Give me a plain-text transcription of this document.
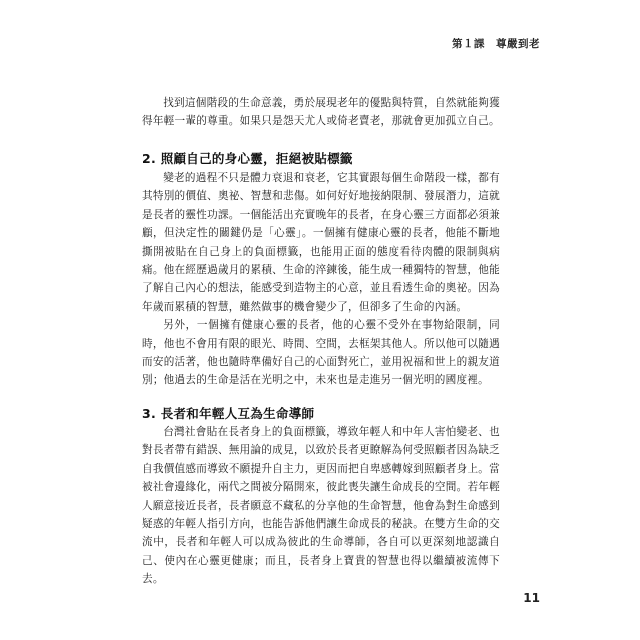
第１課　尊嚴到老

找到這個階段的生命意義，勇於展現老年的優點與特質，自然就能夠獲得年輕一輩的尊重。如果只是怨天尤人或倚老賣老，那就會更加孤立自己。

2. 照顧自己的身心靈，拒絕被貼標籤

變老的過程不只是體力衰退和衰老，它其實跟每個生命階段一樣，都有其特別的價值、奧祕、智慧和悲傷。如何好好地接納限制、發展潛力，這就是長者的靈性功課。一個能活出充實晚年的長者，在身心靈三方面都必須兼顧，但決定性的關鍵仍是「心靈」。一個擁有健康心靈的長者，他能不斷地撕開被貼在自己身上的負面標籤，也能用正面的態度看待肉體的限制與病痛。他在經歷過歲月的累積、生命的淬鍊後，能生成一種獨特的智慧，他能了解自己內心的想法，能感受到造物主的心意，並且看透生命的奧祕。因為年歲而累積的智慧，雖然做事的機會變少了，但卻多了生命的內涵。

另外，一個擁有健康心靈的長者，他的心靈不受外在事物給限制，同時，他也不會用有限的眼光、時間、空間，去框架其他人。所以他可以隨遇而安的活著，他也隨時準備好自己的心面對死亡，並用祝福和世上的親友道別；他過去的生命是活在光明之中，未來也是走進另一個光明的國度裡。

3. 長者和年輕人互為生命導師

台灣社會貼在長者身上的負面標籤，導致年輕人和中年人害怕變老、也對長者帶有錯誤、無用論的成見，以致於長者更瞭解為何受照顧者因為缺乏自我價值感而導致不願提升自主力，更因而把自卑感轉嫁到照顧者身上。當 被社會邊緣化，兩代之間被分隔開來，彼此喪失讓生命成長的空間。若年輕人願意接近長者，長者願意不藏私的分享他的生命智慧，他會為對生命感到疑惑的年輕人指引方向，也能告訴他們讓生命成長的秘訣。在雙方生命的交流中，長者和年輕人可以成為彼此的生命導師，各自可以更深刻地認識自己、使內在心靈更健康；而且，長者身上寶貴的智慧也得以繼續被流傳下去。

11
